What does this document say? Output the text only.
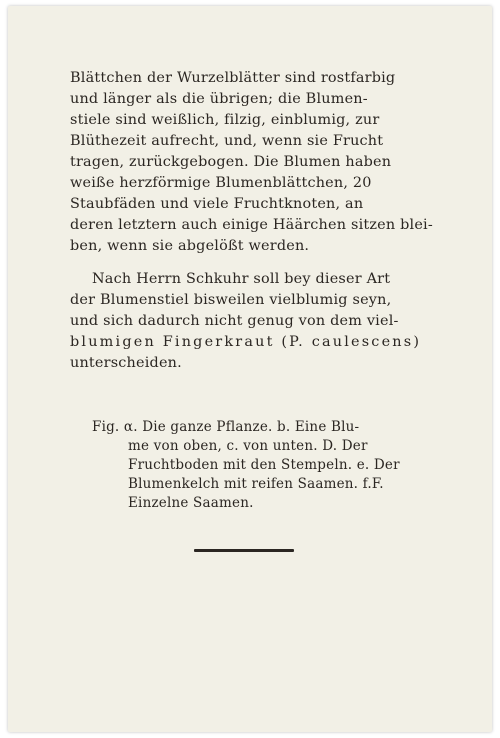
Blättchen der Wurzelblätter sind rostfarbig
und länger als die übrigen; die Blumen-
stiele sind weißlich, filzig, einblumig, zur
Blüthezeit aufrecht, und, wenn sie Frucht
tragen, zurückgebogen. Die Blumen haben
weiße herzförmige Blumenblättchen, 20
Staubfäden und viele Fruchtknoten, an
deren letztern auch einige Häärchen sitzen blei-
ben, wenn sie abgelößt werden.
Nach Herrn Schkuhr soll bey dieser Art
der Blumenstiel bisweilen vielblumig seyn,
und sich dadurch nicht genug von dem viel-
blumigen Fingerkraut (P. caulescens)
unterscheiden.
Fig. α. Die ganze Pflanze. b. Eine Blu-
me von oben, c. von unten. D. Der
Fruchtboden mit den Stempeln. e. Der
Blumenkelch mit reifen Saamen. f.F.
Einzelne Saamen.
